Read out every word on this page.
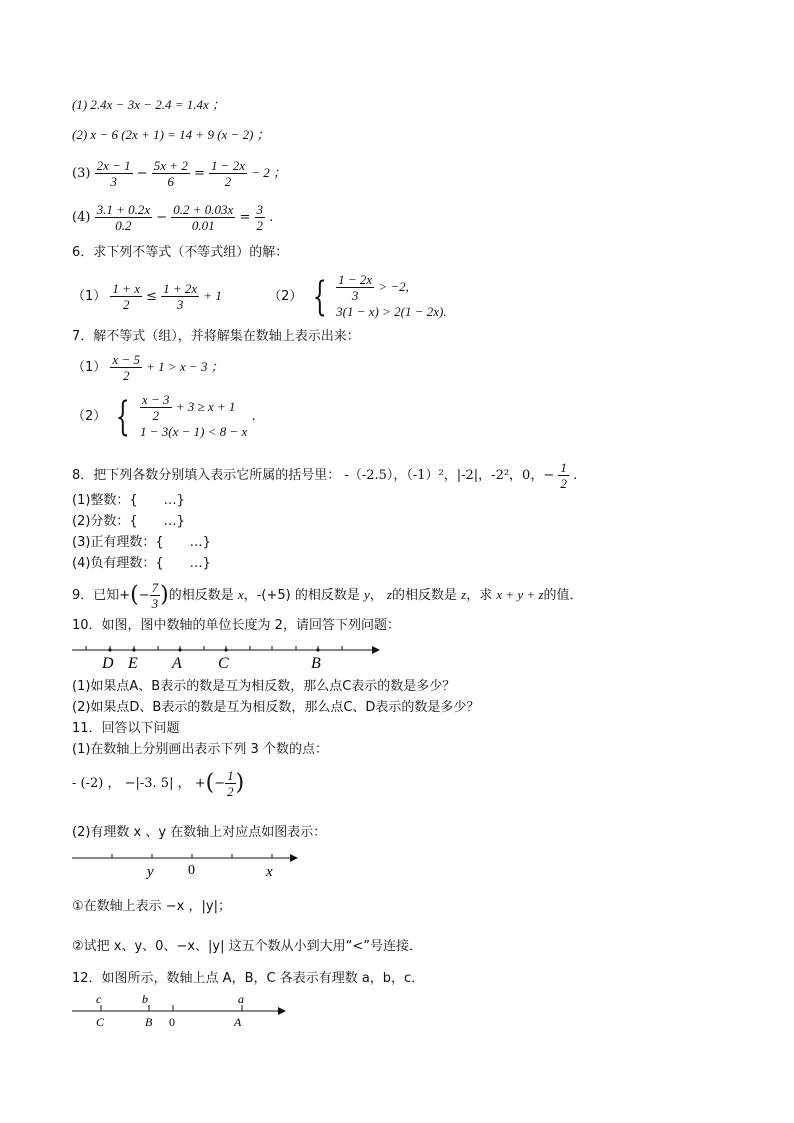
(1) 2.4x − 3x − 2.4 = 1.4x ；
(2) x − 6 (2x + 1) = 14 + 9 (x − 2) ；
$(3) \frac{2x - 1}{3} - \frac{5x + 2}{6} = \frac{1 - 2x}{2} - 2$ ；
$(4) \frac{3.1 + 0.2x}{0.2} - \frac{0.2 + 0.03x}{0.01} = \frac{3}{2}$ .
6．求下列不等式（不等式组）的解：
$(1) \frac{1 + x}{2} \le \frac{1 + 2x}{3} + 1$	（2） { $\frac{1 - 2x}{3} > -2$,
3(1 − x) > 2(1 − 2x).
7．解不等式（组），并将解集在数轴上表示出来：
$(1) \frac{x - 5}{2} + 1 > x - 3$ ；
（2） { $\frac{x - 3}{2} + 3 \ge x + 1$
1 − 3(x − 1) < 8 − x
.
8．把下列各数分别填入表示它所属的括号里： -（-2.5），（-1）²，|-2|，-2²，0，− $\frac{1}{2}$ .
(1)整数：{　　…}
(2)分数：{　　…}
(3)正有理数：{　　…}
(4)负有理数：{　　…}
9．已知+(− $\frac{7}{3}$ )的相反数是 x，-(+5) 的相反数是 y， z的相反数是 z，求 x + y + z的值．
10．如图，图中数轴的单位长度为 2，请回答下列问题：
D E A C	B
(1)如果点A、B表示的数是互为相反数，那么点C表示的数是多少？
(2)如果点D、B表示的数是互为相反数，那么点C、D表示的数是多少？
11．回答以下问题
(1)在数轴上分别画出表示下列 3 个数的点：
- (-2) ， −|-3. 5| ， +(− $\frac{1}{2}$ )
(2)有理数 x 、y 在数轴上对应点如图表示：
y 0	x
①在数轴上表示 −x ，|y|；
②试把 x、y、0、−x、|y| 这五个数从小到大用“<”号连接．
12．如图所示，数轴上点 A，B，C 各表示有理数 a，b，c．
c	b	a
C	B 0	A
